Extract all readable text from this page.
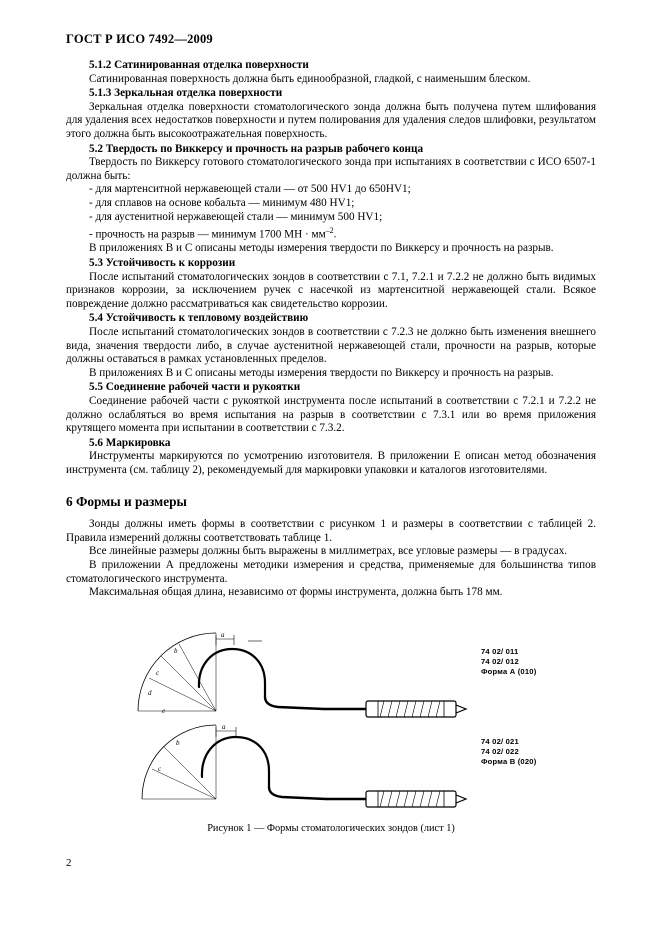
ГОСТ Р ИСО 7492—2009
5.1.2 Сатинированная отделка поверхности

Сатинированная поверхность должна быть единообразной, гладкой, с наименьшим блеском.

5.1.3 Зеркальная отделка поверхности

Зеркальная отделка поверхности стоматологического зонда должна быть получена путем шлифования для удаления всех недостатков поверхности и путем полирования для удаления следов шлифовки, результатом этого должна быть высокоотражательная поверхность.

5.2 Твердость по Виккерсу и прочность на разрыв рабочего конца

Твердость по Виккерсу готового стоматологического зонда при испытаниях в соответствии с ИСО 6507-1 должна быть:

- для мартенситной нержавеющей стали — от 500 HV1 до 650HV1;

- для сплавов на основе кобальта — минимум 480 HV1;

- для аустенитной нержавеющей стали — минимум 500 HV1;

- прочность на разрыв — минимум 1700 МН · $мм^{-2}$.

В приложениях В и С описаны методы измерения твердости по Виккерсу и прочность на разрыв.

5.3 Устойчивость к коррозии

После испытаний стоматологических зондов в соответствии с 7.1, 7.2.1 и 7.2.2 не должно быть видимых признаков коррозии, за исключением ручек с насечкой из мартенситной нержавеющей стали. Всякое повреждение должно рассматриваться как свидетельство коррозии.

5.4 Устойчивость к тепловому воздействию

После испытаний стоматологических зондов в соответствии с 7.2.3 не должно быть изменения внешнего вида, значения твердости либо, в случае аустенитной нержавеющей стали, прочности на разрыв, которые должны оставаться в рамках установленных пределов.

В приложениях В и С описаны методы измерения твердости по Виккерсу и прочность на разрыв.

5.5 Соединение рабочей части и рукоятки

Соединение рабочей части с рукояткой инструмента после испытаний в соответствии с 7.2.1 и 7.2.2 не должно ослабляться во время испытания на разрыв в соответствии с 7.3.1 или во время приложения крутящего момента при испытании в соответствии с 7.3.2.

5.6 Маркировка

Инструменты маркируются по усмотрению изготовителя. В приложении Е описан метод обозначения инструмента (см. таблицу 2), рекомендуемый для маркировки упаковки и каталогов изготовителями.

6 Формы и размеры

Зонды должны иметь формы в соответствии с рисунком 1 и размеры в соответствии с таблицей 2. Правила измерений должны соответствовать таблице 1.

Все линейные размеры должны быть выражены в миллиметрах, все угловые размеры — в градусах.

В приложении А предложены методики измерения и средства, применяемые для большинства типов стоматологического инструмента.

Максимальная общая длина, независимо от формы инструмента, должна быть 178 мм.

a
b
c
d
e
a
b
c
74 02/ 011
74 02/ 012
Форма А (010)
74 02/ 021
74 02/ 022
Форма В (020)
Рисунок 1 — Формы стоматологических зондов (лист 1)
2
